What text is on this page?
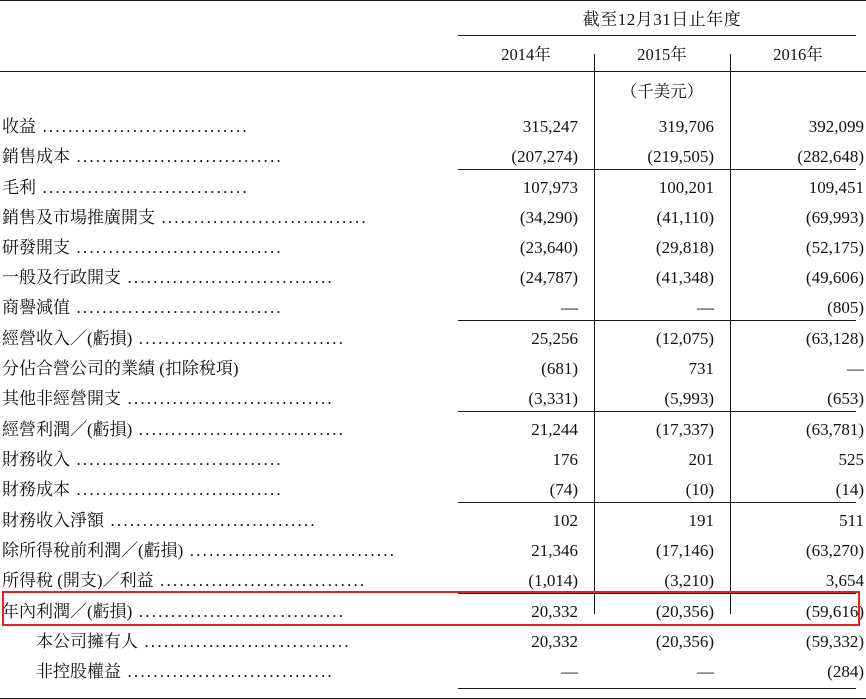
	截至12月31日止年度		

	2014年	2015年	2016年

	（千美元）		
收益 ................................	315,247	319,706	392,099
銷售成本 ................................	(207,274)	(219,505)	(282,648)

毛利 ................................	107,973	100,201	109,451
銷售及市場推廣開支 ................................	(34,290)	(41,110)	(69,993)
研發開支 ................................	(23,640)	(29,818)	(52,175)
一般及行政開支 ................................	(24,787)	(41,348)	(49,606)
商譽減值 ................................	—	—	(805)

經營收入／(虧損) ................................	25,256	(12,075)	(63,128)
分佔合營公司的業績 (扣除稅項)	(681)	731	—
其他非經營開支 ................................	(3,331)	(5,993)	(653)

經營利潤／(虧損) ................................	21,244	(17,337)	(63,781)
財務收入 ................................	176	201	525
財務成本 ................................	(74)	(10)	(14)

財務收入淨額 ................................	102	191	511
除所得稅前利潤／(虧損) ................................	21,346	(17,146)	(63,270)
所得稅 (開支)／利益 ................................	(1,014)	(3,210)	3,654

年內利潤／(虧損) ................................	20,332	(20,356)	(59,616)
　　本公司擁有人 ................................	20,332	(20,356)	(59,332)
　　非控股權益 ................................	—	—	(284)
